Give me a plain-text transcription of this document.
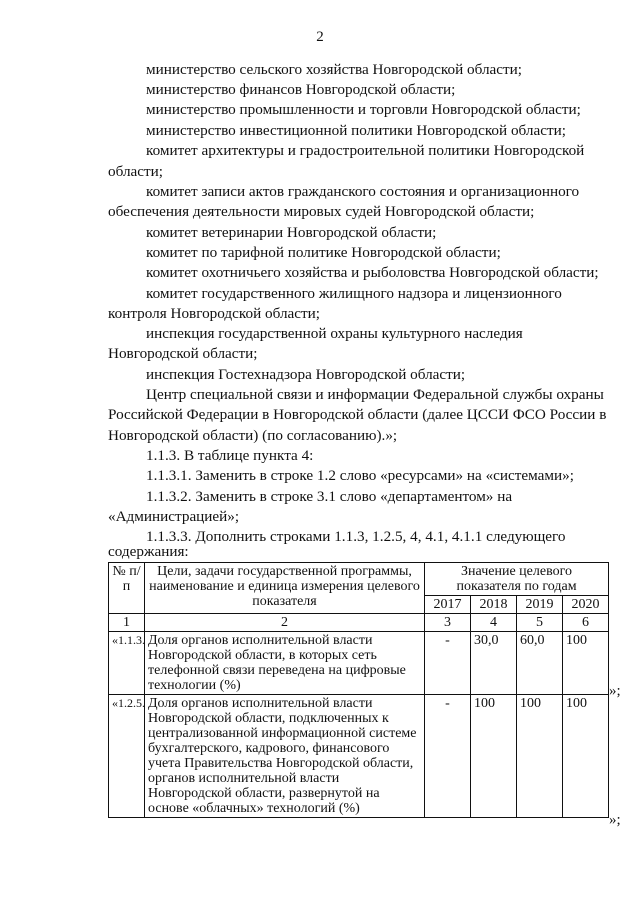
2
министерство сельского хозяйства Новгородской области;
министерство финансов Новгородской области;
министерство промышленности и торговли Новгородской области;
министерство инвестиционной политики Новгородской области;
комитет архитектуры и градостроительной политики Новгородской
области;
комитет записи актов гражданского состояния и организационного
обеспечения деятельности мировых судей Новгородской области;
комитет ветеринарии Новгородской области;
комитет по тарифной политике Новгородской области;
комитет охотничьего хозяйства и рыболовства Новгородской области;
комитет государственного жилищного надзора и лицензионного
контроля Новгородской области;
инспекция государственной охраны культурного наследия
Новгородской области;
инспекция Гостехнадзора Новгородской области;
Центр специальной связи и информации Федеральной службы охраны
Российской Федерации в Новгородской области (далее ЦССИ ФСО России в
Новгородской области) (по согласованию).»;
1.1.3. В таблице пункта 4:
1.1.3.1. Заменить в строке 1.2 слово «ресурсами» на «системами»;
1.1.3.2. Заменить в строке 3.1 слово «департаментом» на
«Администрацией»;
1.1.3.3. Дополнить строками 1.1.3, 1.2.5, 4, 4.1, 4.1.1 следующего
содержания:
№ п/п	Цели, задачи государственной программы, наименование и единица измерения целевого показателя	Значение целевого показателя по годам			
		2017	2018	2019	2020
1	2	3	4	5	6
«1.1.3.	Доля органов исполнительной власти Новгородской области, в которых сеть телефонной связи переведена на цифровые технологии (%)	-	30,0	60,0	100
«1.2.5.	Доля органов исполнительной власти Новгородской области, подключенных к централизованной информационной системе бухгалтерского, кадрового, финансового учета Правительства Новгородской области, органов исполнительной власти Новгородской области, развернутой на основе «облачных» технологий (%)	-	100	100	100
»;
»;
